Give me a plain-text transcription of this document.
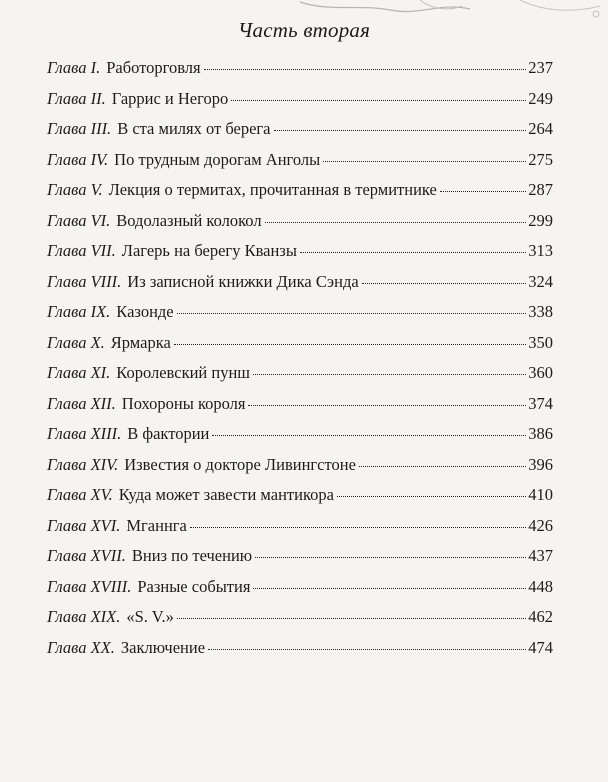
Часть вторая
Глава I. Работорговля	237
Глава II. Гаррис и Негоро	249
Глава III. В ста милях от берега	264
Глава IV. По трудным дорогам Анголы	275
Глава V. Лекция о термитах, прочитанная в термитнике	287
Глава VI. Водолазный колокол	299
Глава VII. Лагерь на берегу Кванзы	313
Глава VIII. Из записной книжки Дика Сэнда	324
Глава IX. Казонде	338
Глава X. Ярмарка	350
Глава XI. Королевский пунш	360
Глава XII. Похороны короля	374
Глава XIII. В фактории	386
Глава XIV. Известия о докторе Ливингстоне	396
Глава XV. Куда может завести мантикора	410
Глава XVI. Мганнга	426
Глава XVII. Вниз по течению	437
Глава XVIII. Разные события	448
Глава XIX. «S. V.»	462
Глава XX. Заключение	474
